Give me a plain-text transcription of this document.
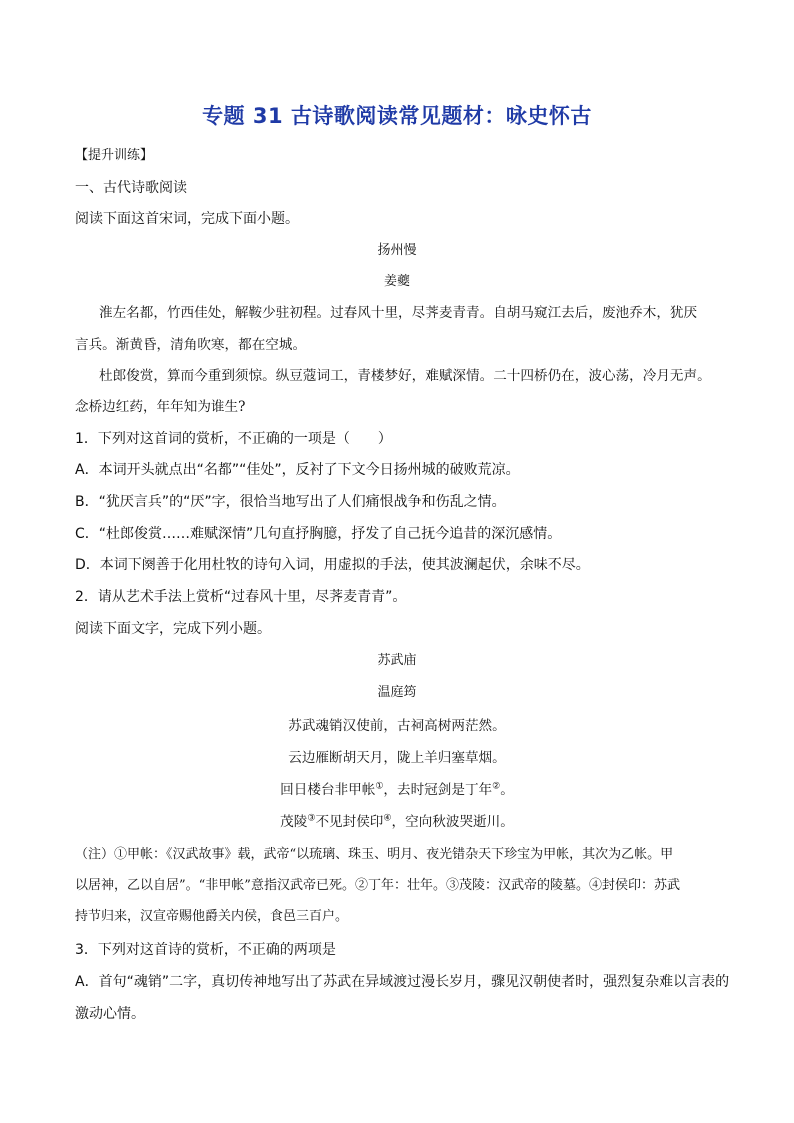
专题 31 古诗歌阅读常见题材：咏史怀古
【提升训练】
一、古代诗歌阅读
阅读下面这首宋词，完成下面小题。
扬州慢
姜夔
淮左名都，竹西佳处，解鞍少驻初程。过春风十里，尽荠麦青青。自胡马窥江去后，废池乔木，犹厌
言兵。渐黄昏，清角吹寒，都在空城。
杜郎俊赏，算而今重到须惊。纵豆蔻词工，青楼梦好，难赋深情。二十四桥仍在，波心荡，冷月无声。
念桥边红药，年年知为谁生?
1．下列对这首词的赏析，不正确的一项是（　　）
A．本词开头就点出“名都”“佳处”，反衬了下文今日扬州城的破败荒凉。
B．“犹厌言兵”的“厌”字，很恰当地写出了人们痛恨战争和伤乱之情。
C．“杜郎俊赏……难赋深情”几句直抒胸臆，抒发了自己抚今追昔的深沉感情。
D．本词下阕善于化用杜牧的诗句入词，用虚拟的手法，使其波澜起伏，余味不尽。
2．请从艺术手法上赏析“过春风十里，尽荠麦青青”。
阅读下面文字，完成下列小题。
苏武庙
温庭筠
苏武魂销汉使前，古祠高树两茫然。
云边雁断胡天月，陇上羊归塞草烟。
回日楼台非甲帐①，去时冠剑是丁年②。
茂陵③不见封侯印④，空向秋波哭逝川。
（注）①甲帐：《汉武故事》载，武帝“以琉璃、珠玉、明月、夜光错杂天下珍宝为甲帐，其次为乙帐。甲
以居神，乙以自居”。“非甲帐”意指汉武帝已死。②丁年：壮年。③茂陵：汉武帝的陵墓。④封侯印：苏武
持节归来，汉宣帝赐他爵关内侯，食邑三百户。
3．下列对这首诗的赏析，不正确的两项是
A．首句“魂销”二字，真切传神地写出了苏武在异域渡过漫长岁月，骤见汉朝使者时，强烈复杂难以言表的
激动心情。
